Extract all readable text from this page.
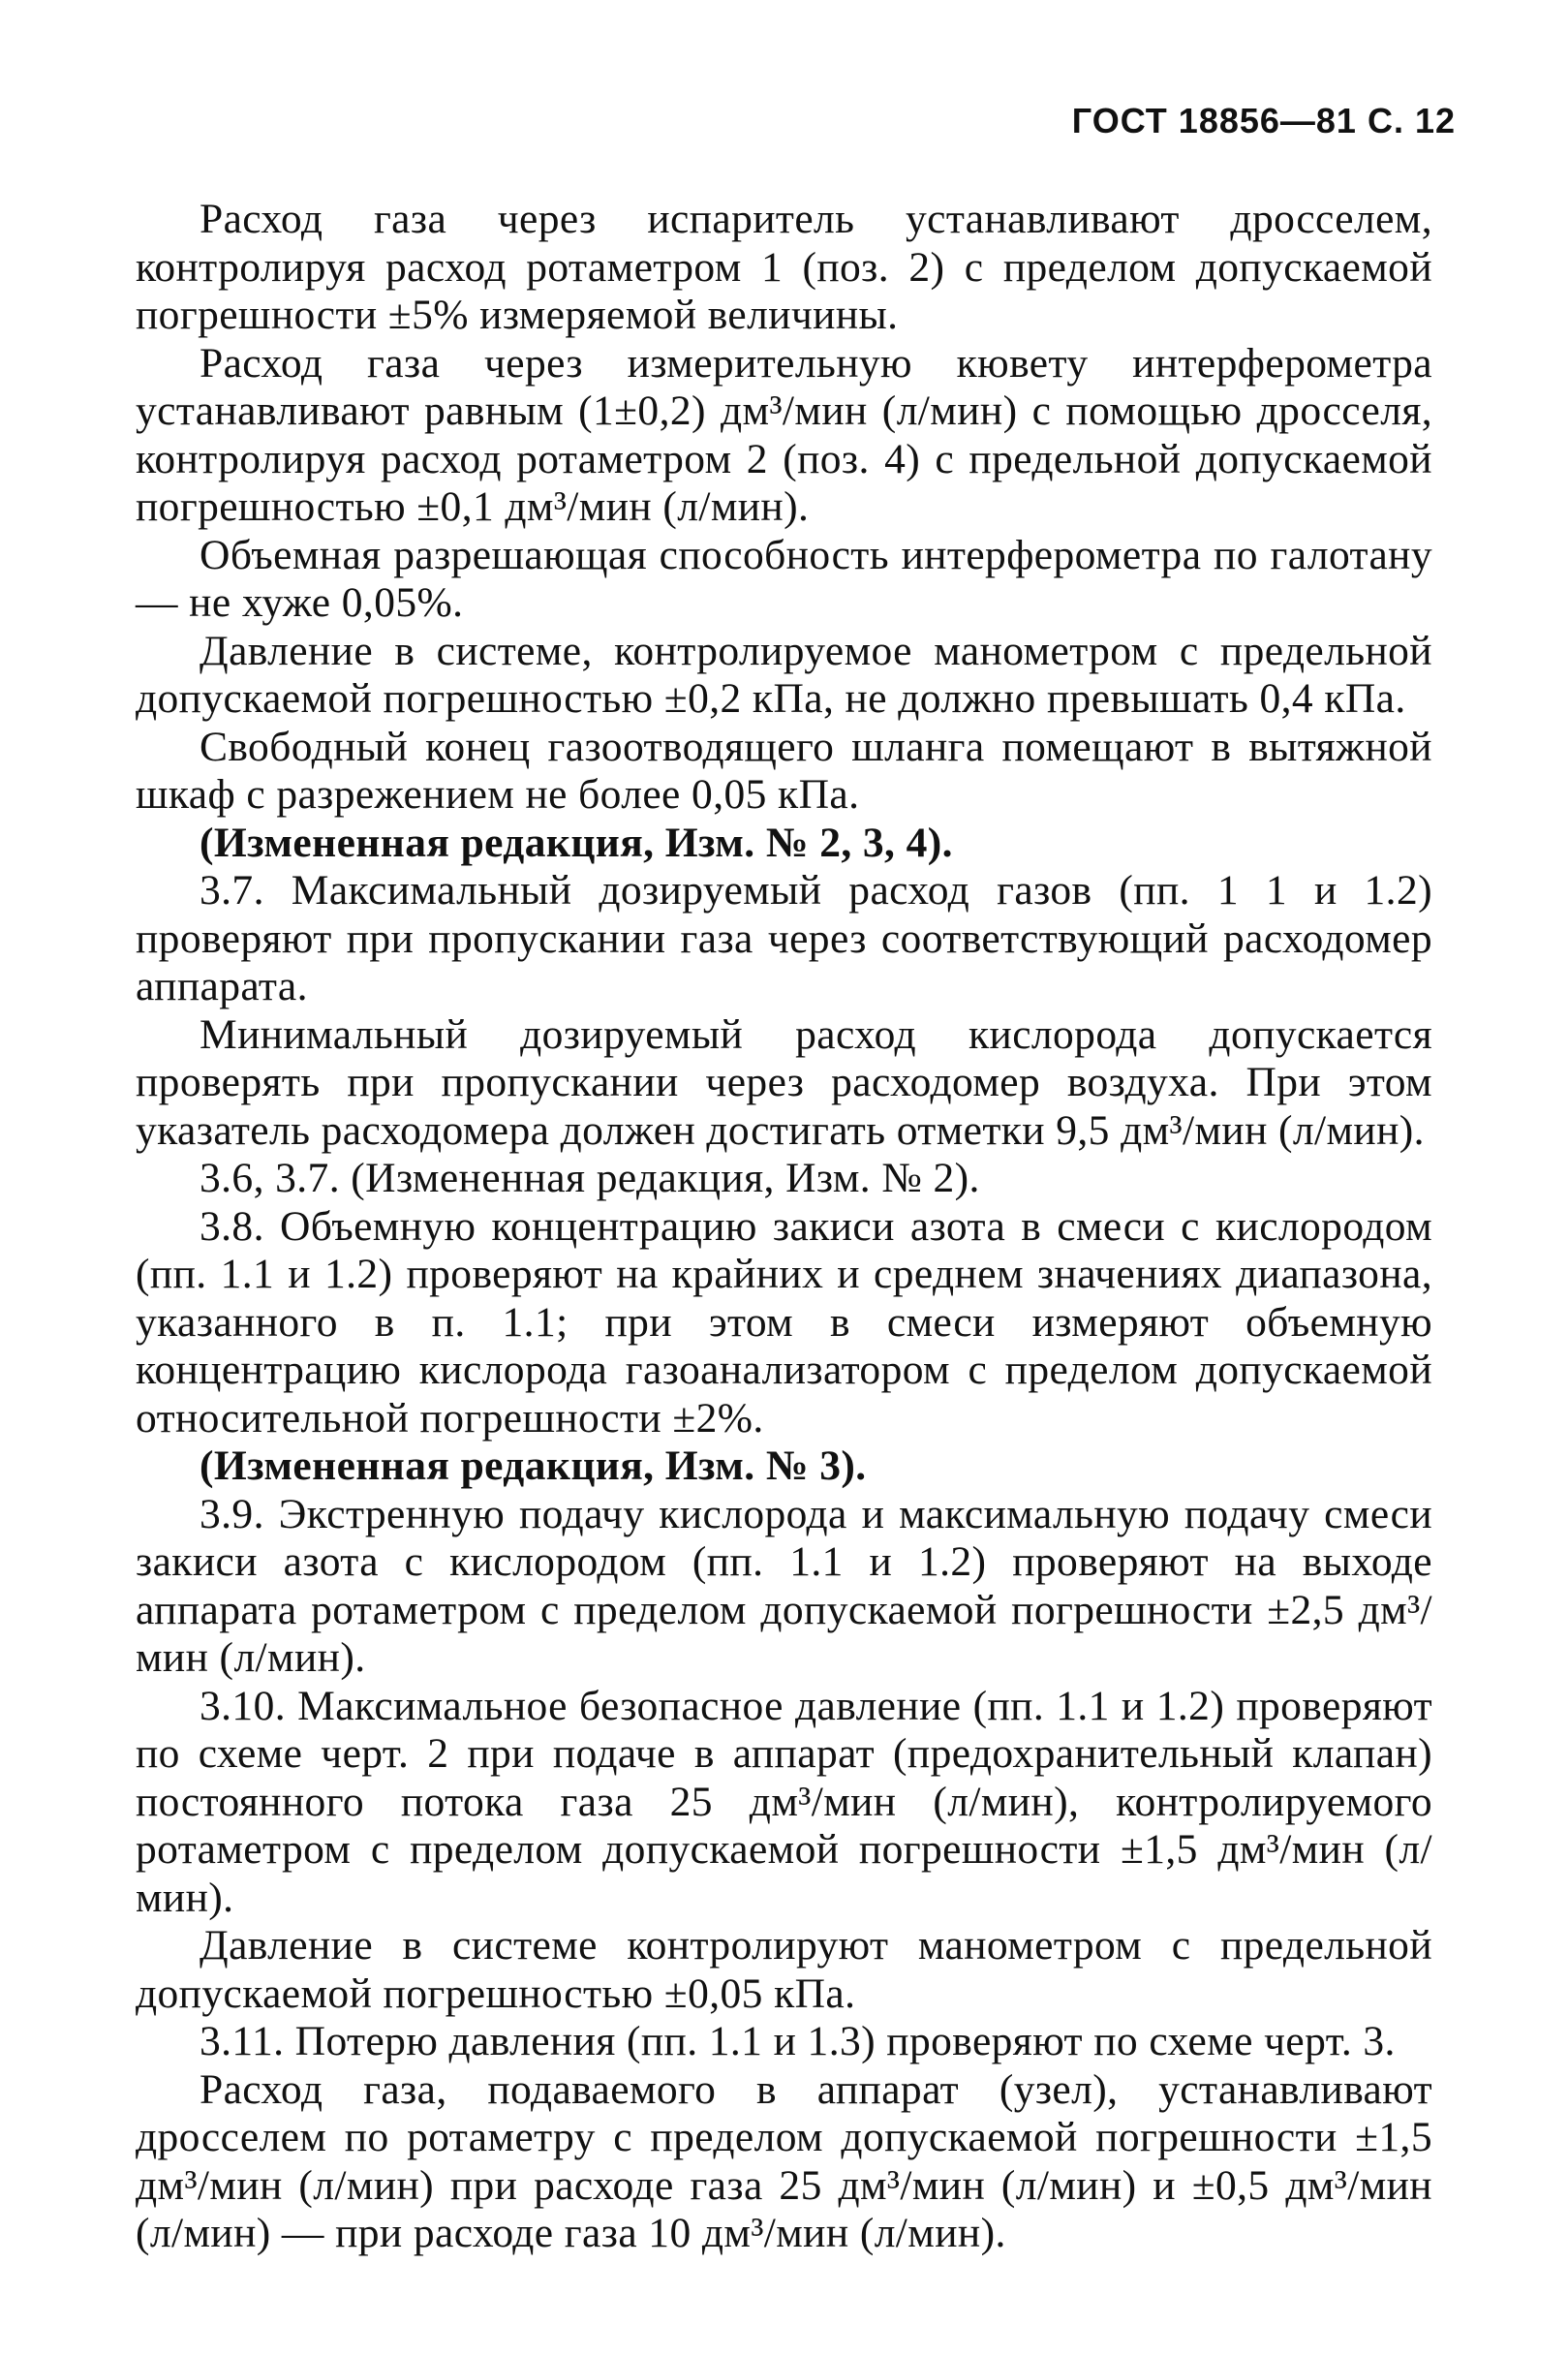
ГОСТ 18856—81 С. 12

Расход газа через испаритель устанавливают дросселем, контролируя расход ротаметром 1 (поз. 2) с пределом допускаемой погрешности ±5% измеряемой величины.

Расход газа через измерительную кювету интерферометра устанавливают равным (1±0,2) дм³/мин (л/мин) с помощью дросселя, контролируя расход ротаметром 2 (поз. 4) с предельной допускаемой погрешностью ±0,1 дм³/мин (л/мин).

Объемная разрешающая способность интерферометра по галотану — не хуже 0,05%.

Давление в системе, контролируемое манометром с предельной допускаемой погрешностью ±0,2 кПа, не должно превышать 0,4 кПа.

Свободный конец газоотводящего шланга помещают в вытяжной шкаф с разрежением не более 0,05 кПа.

(Измененная редакция, Изм. № 2, 3, 4).

3.7. Максимальный дозируемый расход газов (пп. 1 1 и 1.2) проверяют при пропускании газа через соответствующий расходомер аппарата.

Минимальный дозируемый расход кислорода допускается проверять при пропускании через расходомер воздуха. При этом указатель расходомера должен достигать отметки 9,5 дм³/мин (л/мин).

3.6, 3.7. (Измененная редакция, Изм. № 2).

3.8. Объемную концентрацию закиси азота в смеси с кислородом (пп. 1.1 и 1.2) проверяют на крайних и среднем значениях диапазона, указанного в п. 1.1; при этом в смеси измеряют объемную концентрацию кислорода газоанализатором с пределом допускаемой относительной погрешности ±2%.

(Измененная редакция, Изм. № 3).

3.9. Экстренную подачу кислорода и максимальную подачу смеси закиси азота с кислородом (пп. 1.1 и 1.2) проверяют на выходе аппарата ротаметром с пределом допускаемой погрешности ±2,5 дм³/мин (л/мин).

3.10. Максимальное безопасное давление (пп. 1.1 и 1.2) проверяют по схеме черт. 2 при подаче в аппарат (предохранительный клапан) постоянного потока газа 25 дм³/мин (л/мин), контролируемого ротаметром с пределом допускаемой погрешности ±1,5 дм³/мин (л/мин).

Давление в системе контролируют манометром с предельной допускаемой погрешностью ±0,05 кПа.

3.11. Потерю давления (пп. 1.1 и 1.3) проверяют по схеме черт. 3.

Расход газа, подаваемого в аппарат (узел), устанавливают дросселем по ротаметру с пределом допускаемой погрешности ±1,5 дм³/мин (л/мин) при расходе газа 25 дм³/мин (л/мин) и ±0,5 дм³/мин (л/мин) — при расходе газа 10 дм³/мин (л/мин).
